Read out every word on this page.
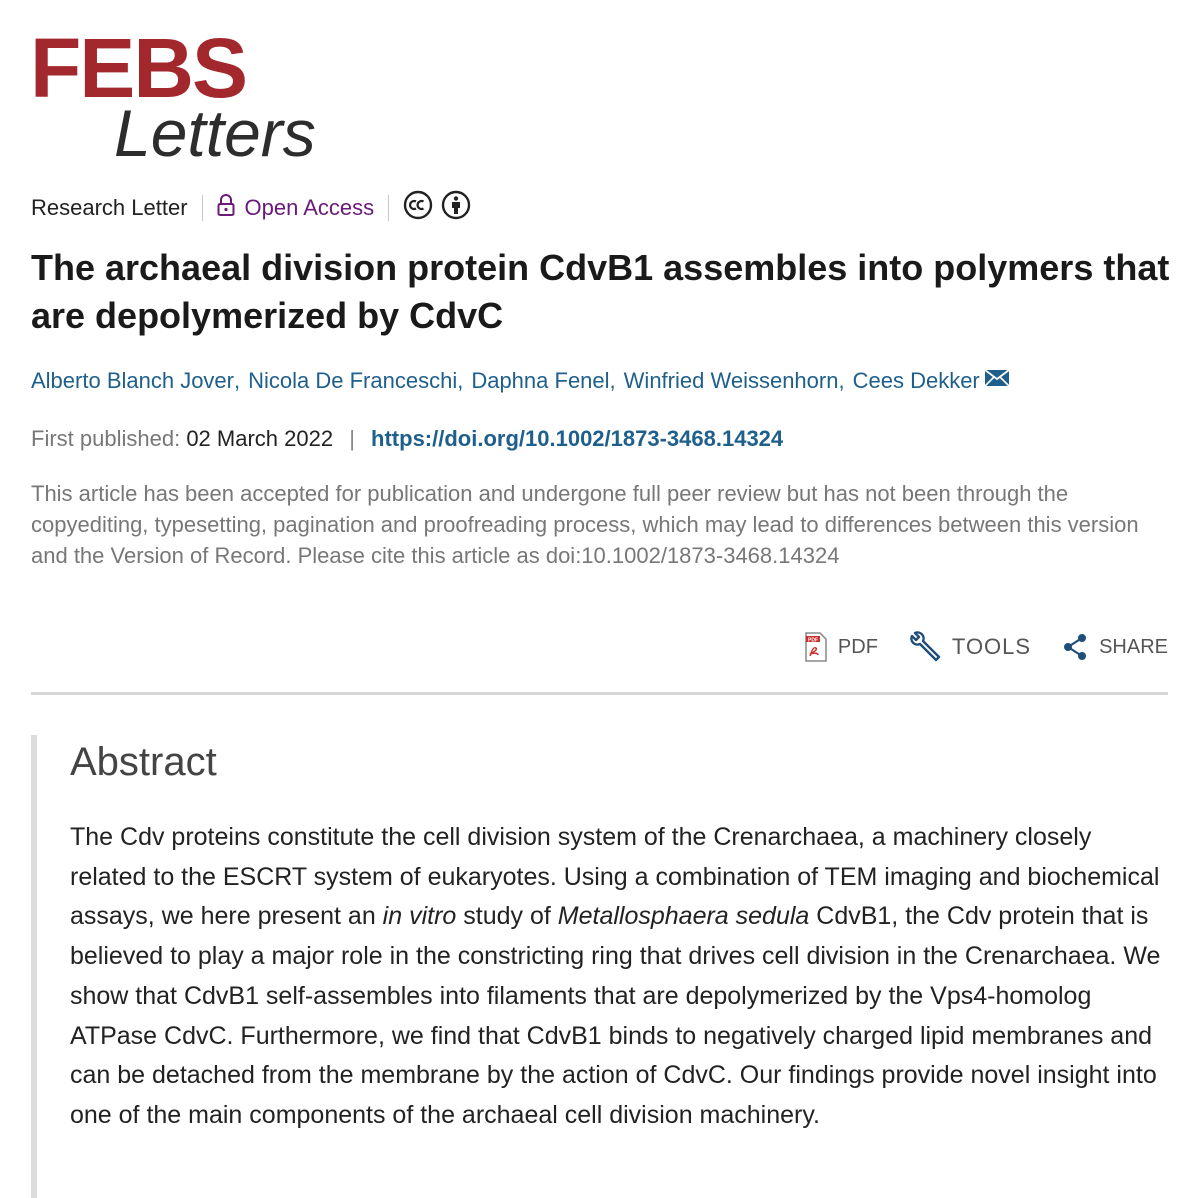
FEBS
Letters
Research Letter	Open Access
The archaeal division protein CdvB1 assembles into polymers that are depolymerized by CdvC
Alberto Blanch Jover , Nicola De Franceschi , Daphna Fenel , Winfried Weissenhorn , Cees Dekker
First published: 02 March 2022 | https://doi.org/10.1002/1873-3468.14324

This article has been accepted for publication and undergone full peer review but has not been through the copyediting, typesetting, pagination and proofreading process, which may lead to differences between this version and the Version of Record. Please cite this article as doi:10.1002/1873-3468.14324

PDF PDF	TOOLS	SHARE
Abstract

The Cdv proteins constitute the cell division system of the Crenarchaea, a machinery closely related to the ESCRT system of eukaryotes. Using a combination of TEM imaging and biochemical assays, we here present an in vitro study of Metallosphaera sedula CdvB1, the Cdv protein that is believed to play a major role in the constricting ring that drives cell division in the Crenarchaea. We show that CdvB1 self-assembles into filaments that are depolymerized by the Vps4-homolog ATPase CdvC. Furthermore, we find that CdvB1 binds to negatively charged lipid membranes and can be detached from the membrane by the action of CdvC. Our findings provide novel insight into one of the main components of the archaeal cell division machinery.
